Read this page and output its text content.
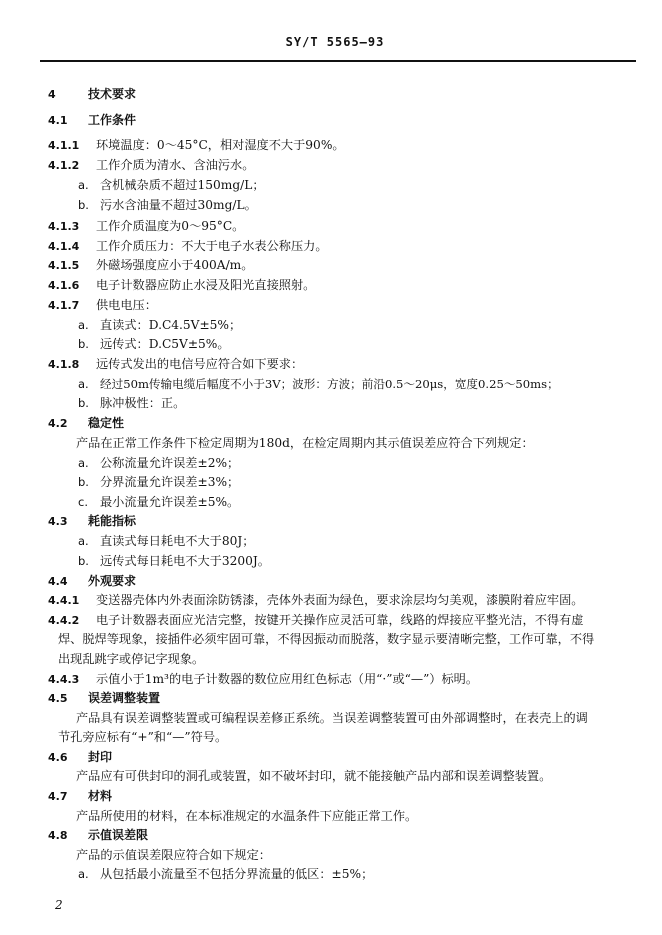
SY/T 5565—93
4	技术要求
4.1 工作条件
4.1.1 环境温度：0～45°C，相对湿度不大于90%。
4.1.2 工作介质为清水、含油污水。
a. 含机械杂质不超过150mg/L；
b. 污水含油量不超过30mg/L。
4.1.3 工作介质温度为0～95°C。
4.1.4 工作介质压力：不大于电子水表公称压力。
4.1.5 外磁场强度应小于400A/m。
4.1.6 电子计数器应防止水浸及阳光直接照射。
4.1.7 供电电压：
a. 直读式：D.C4.5V±5%；
b. 远传式：D.C5V±5%。
4.1.8 远传式发出的电信号应符合如下要求：
a. 经过50m传输电缆后幅度不小于3V；波形：方波；前沿0.5～20μs，宽度0.25～50ms；
b. 脉冲极性：正。
4.2 稳定性
产品在正常工作条件下检定周期为180d，在检定周期内其示值误差应符合下列规定：
a. 公称流量允许误差±2%；
b. 分界流量允许误差±3%；
c. 最小流量允许误差±5%。
4.3 耗能指标
a. 直读式每日耗电不大于80J；
b. 远传式每日耗电不大于3200J。
4.4 外观要求
4.4.1 变送器壳体内外表面涂防锈漆，壳体外表面为绿色，要求涂层均匀美观，漆膜附着应牢固。
4.4.2 电子计数器表面应光洁完整，按键开关操作应灵活可靠，线路的焊接应平整光洁，不得有虚
焊、脱焊等现象，接插件必须牢固可靠，不得因振动而脱落，数字显示要清晰完整，工作可靠，不得
出现乱跳字或停记字现象。
4.4.3 示值小于1m³的电子计数器的数位应用红色标志（用“·”或“—”）标明。
4.5 误差调整装置
产品具有误差调整装置或可编程误差修正系统。当误差调整装置可由外部调整时，在表壳上的调
节孔旁应标有“+”和“—”符号。
4.6 封印
产品应有可供封印的洞孔或装置，如不破坏封印，就不能接触产品内部和误差调整装置。
4.7 材料
产品所使用的材料，在本标准规定的水温条件下应能正常工作。
4.8 示值误差限
产品的示值误差限应符合如下规定：
a. 从包括最小流量至不包括分界流量的低区：±5%；
2
